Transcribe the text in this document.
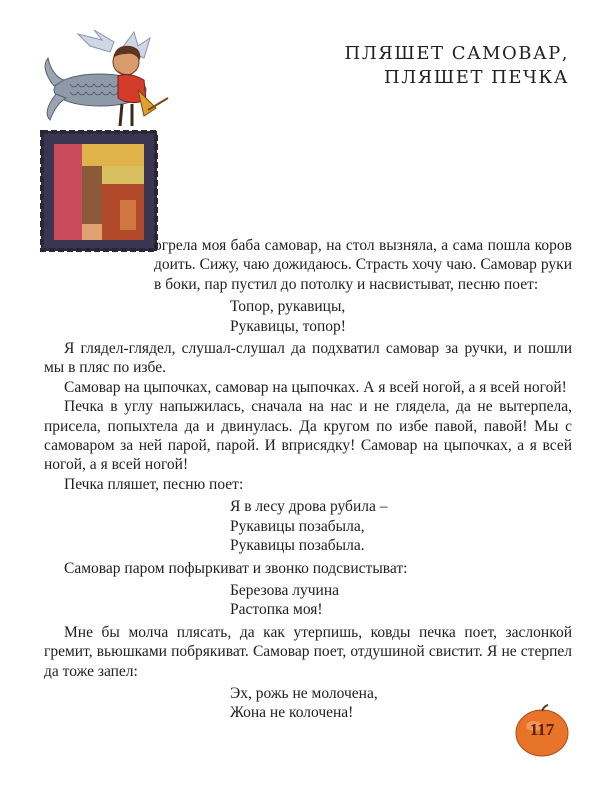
ПЛЯШЕТ САМОВАР,
ПЛЯШЕТ ПЕЧКА

огрела моя баба самовар, на стол вызняла, а сама пошла коров доить. Сижу, чаю дожидаюсь. Страсть хочу чаю. Самовар руки в боки, пар пустил до потолку и насвистыват, песню поет:

Топор, рукавицы,
Рукавицы, топор!

Я глядел-глядел, слушал-слушал да подхватил самовар за ручки, и пошли мы в пляс по избе.

Самовар на цыпочках, самовар на цыпочках. А я всей ногой, а я всей ногой!

Печка в углу напыжилась, сначала на нас и не глядела, да не вытерпела, присела, попыхтела да и двинулась. Да кругом по избе павой, павой! Мы с самоваром за ней парой, парой. И вприсядку! Самовар на цыпочках, а я всей ногой, а я всей ногой!

Печка пляшет, песню поет:

Я в лесу дрова рубила –
Рукавицы позабыла,
Рукавицы позабыла.

Самовар паром пофыркиват и звонко подсвистыват:

Березова лучина
Растопка моя!

Мне бы молча плясать, да как утерпишь, ковды печка поет, заслонкой гремит, вьюшками побрякиват. Самовар поет, отдушиной свистит. Я не стерпел да тоже запел:

Эх, рожь не молочена,
Жона не колочена!
117
